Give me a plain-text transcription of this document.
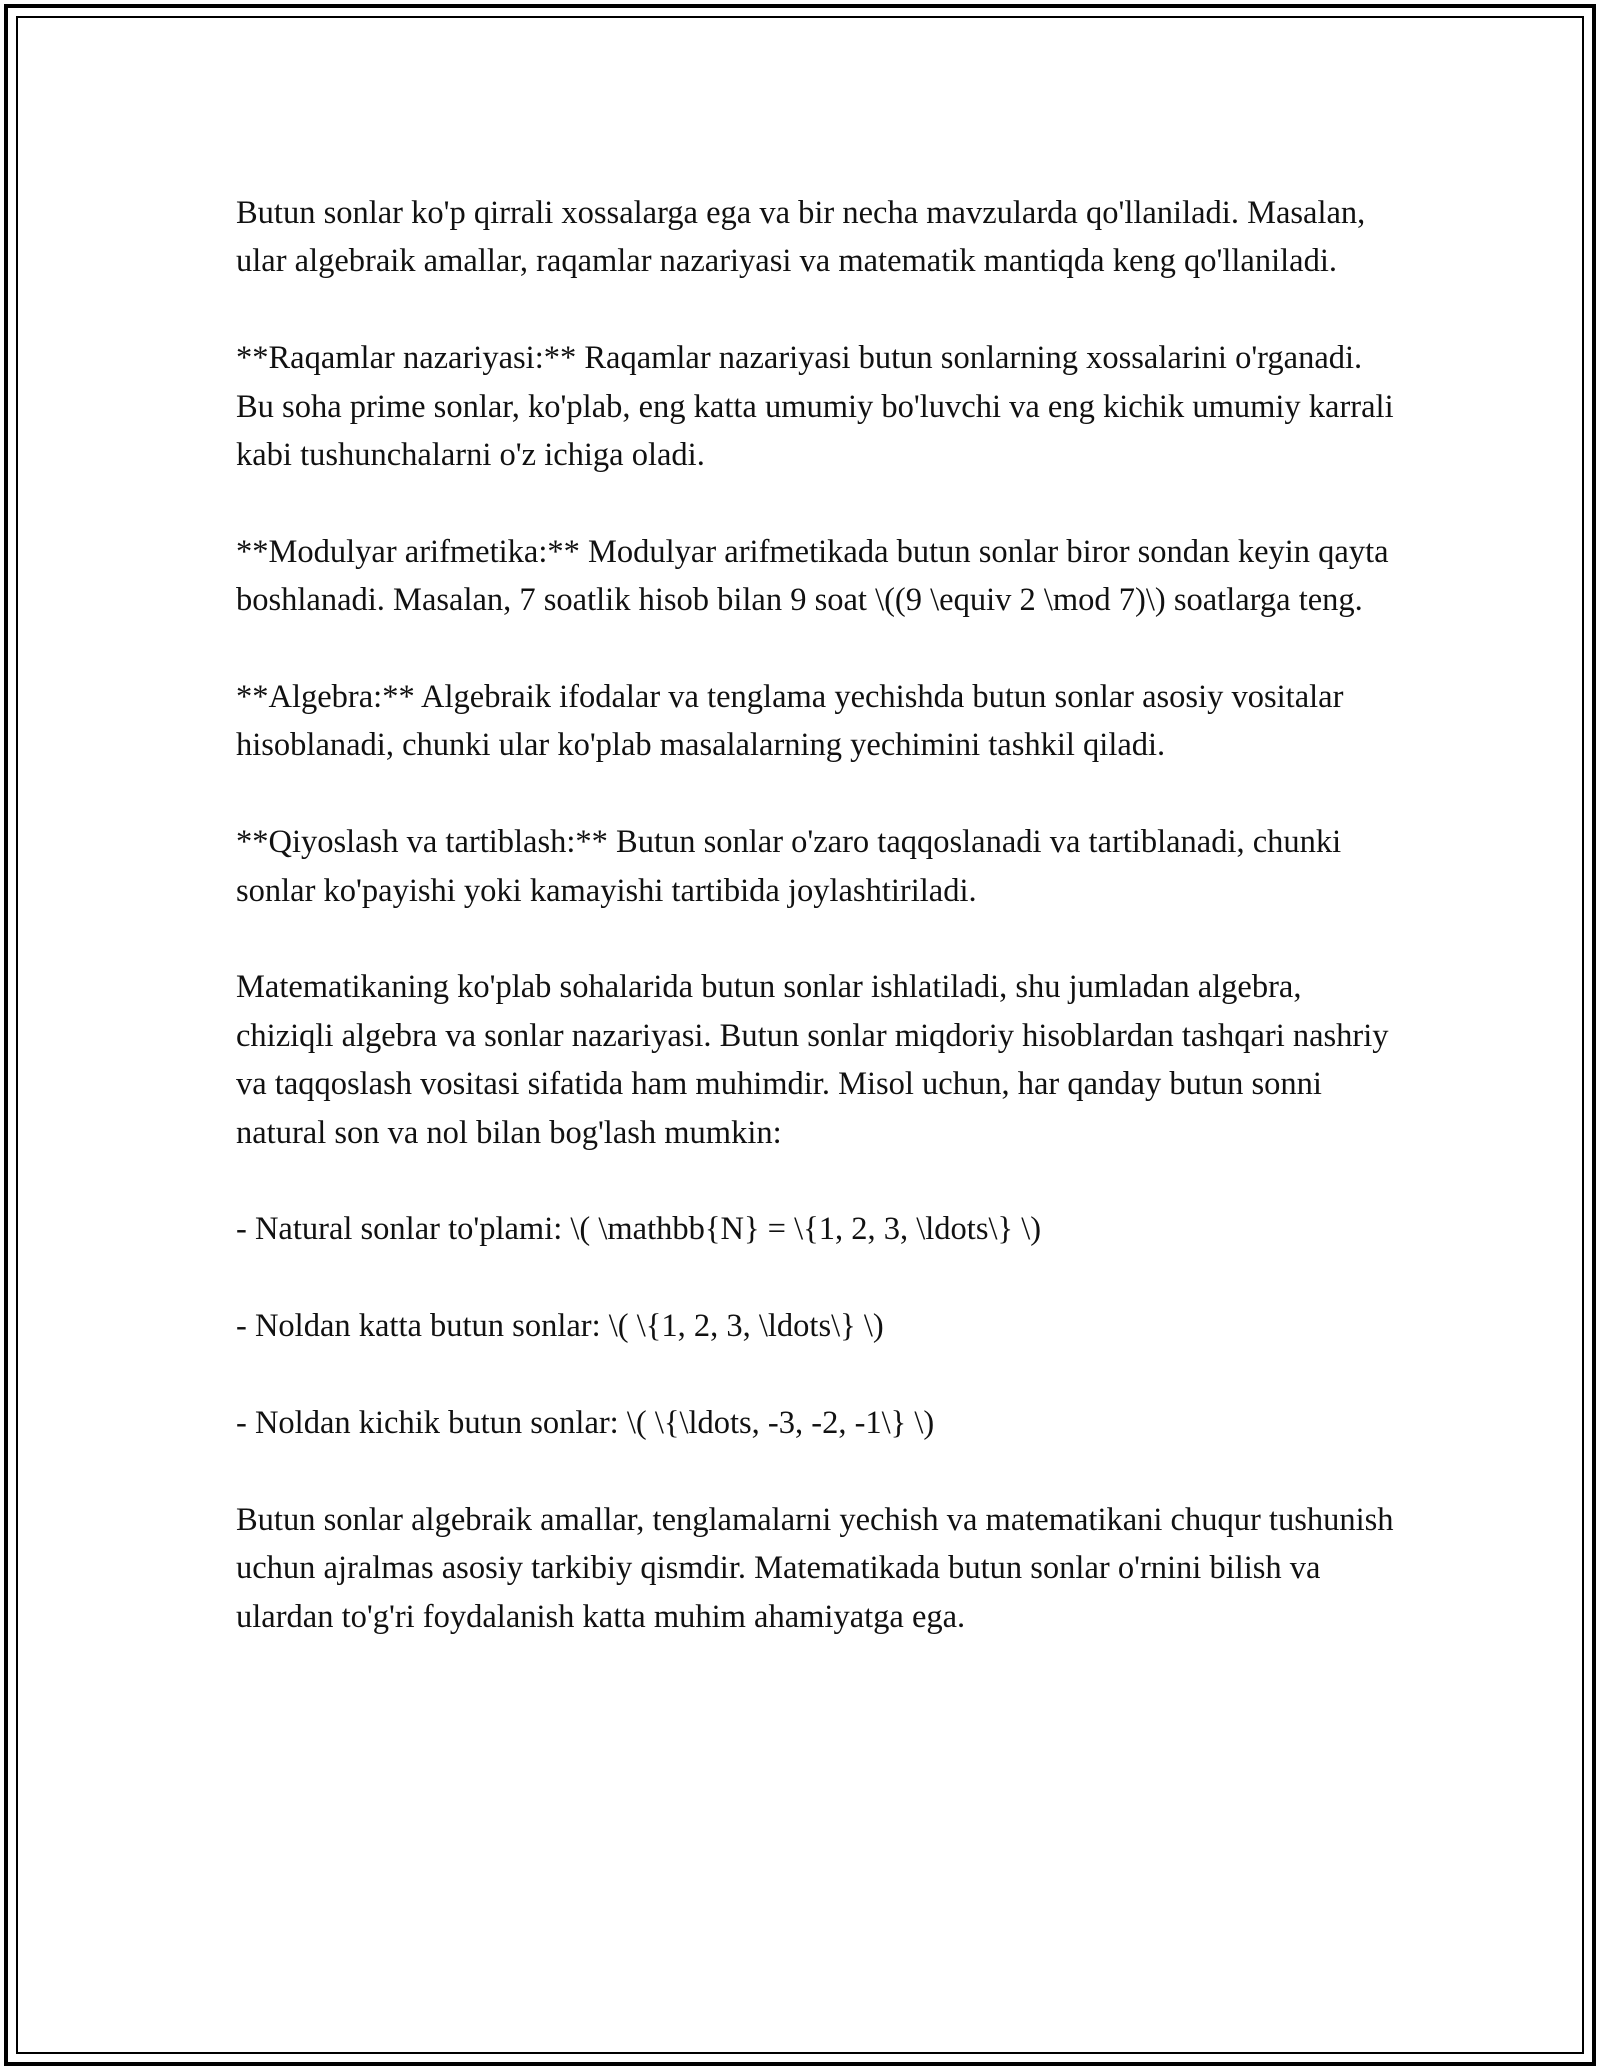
Butun sonlar ko'p qirrali xossalarga ega va bir necha mavzularda qo'llaniladi. Masalan, ular algebraik amallar, raqamlar nazariyasi va matematik mantiqda keng qo'llaniladi.

**Raqamlar nazariyasi:** Raqamlar nazariyasi butun sonlarning xossalarini o'rganadi. Bu soha prime sonlar, ko'plab, eng katta umumiy bo'luvchi va eng kichik umumiy karrali kabi tushunchalarni o'z ichiga oladi.

**Modulyar arifmetika:** Modulyar arifmetikada butun sonlar biror sondan keyin qayta boshlanadi. Masalan, 7 soatlik hisob bilan 9 soat \((9 \equiv 2 \mod 7)\) soatlarga teng.

**Algebra:** Algebraik ifodalar va tenglama yechishda butun sonlar asosiy vositalar hisoblanadi, chunki ular ko'plab masalalarning yechimini tashkil qiladi.

**Qiyoslash va tartiblash:** Butun sonlar o'zaro taqqoslanadi va tartiblanadi, chunki sonlar ko'payishi yoki kamayishi tartibida joylashtiriladi.

Matematikaning ko'plab sohalarida butun sonlar ishlatiladi, shu jumladan algebra, chiziqli algebra va sonlar nazariyasi. Butun sonlar miqdoriy hisoblardan tashqari nashriy va taqqoslash vositasi sifatida ham muhimdir. Misol uchun, har qanday butun sonni natural son va nol bilan bog'lash mumkin:

- Natural sonlar to'plami: \( \mathbb{N} = \{1, 2, 3, \ldots\} \)

- Noldan katta butun sonlar: \( \{1, 2, 3, \ldots\} \)

- Noldan kichik butun sonlar: \( \{\ldots, -3, -2, -1\} \)

Butun sonlar algebraik amallar, tenglamalarni yechish va matematikani chuqur tushunish uchun ajralmas asosiy tarkibiy qismdir. Matematikada butun sonlar o'rnini bilish va ulardan to'g'ri foydalanish katta muhim ahamiyatga ega.
